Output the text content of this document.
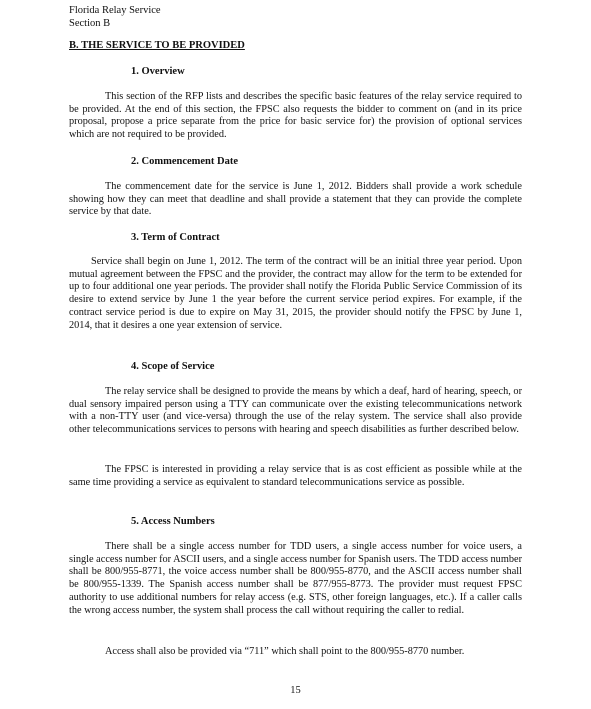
Florida Relay Service
Section B
B. THE SERVICE TO BE PROVIDED
1. Overview

This section of the RFP lists and describes the specific basic features of the relay service required to be provided. At the end of this section, the FPSC also requests the bidder to comment on (and in its price proposal, propose a price separate from the price for basic service for) the provision of optional services which are not required to be provided.

2. Commencement Date

The commencement date for the service is June 1, 2012. Bidders shall provide a work schedule showing how they can meet that deadline and shall provide a statement that they can provide the complete service by that date.

3. Term of Contract

Service shall begin on June 1, 2012. The term of the contract will be an initial three year period. Upon mutual agreement between the FPSC and the provider, the contract may allow for the term to be extended for up to four additional one year periods. The provider shall notify the Florida Public Service Commission of its desire to extend service by June 1 the year before the current service period expires. For example, if the contract service period is due to expire on May 31, 2015, the provider should notify the FPSC by June 1, 2014, that it desires a one year extension of service.

4. Scope of Service

The relay service shall be designed to provide the means by which a deaf, hard of hearing, speech, or dual sensory impaired person using a TTY can communicate over the existing telecommunications network with a non-TTY user (and vice-versa) through the use of the relay system. The service shall also provide other telecommunications services to persons with hearing and speech disabilities as further described below.

The FPSC is interested in providing a relay service that is as cost efficient as possible while at the same time providing a service as equivalent to standard telecommunications service as possible.

5. Access Numbers

There shall be a single access number for TDD users, a single access number for voice users, a single access number for ASCII users, and a single access number for Spanish users. The TDD access number shall be 800/955-8771, the voice access number shall be 800/955-8770, and the ASCII access number shall be 800/955-1339. The Spanish access number shall be 877/955-8773. The provider must request FPSC authority to use additional numbers for relay access (e.g. STS, other foreign languages, etc.). If a caller calls the wrong access number, the system shall process the call without requiring the caller to redial.

Access shall also be provided via “711” which shall point to the 800/955-8770 number.

15
